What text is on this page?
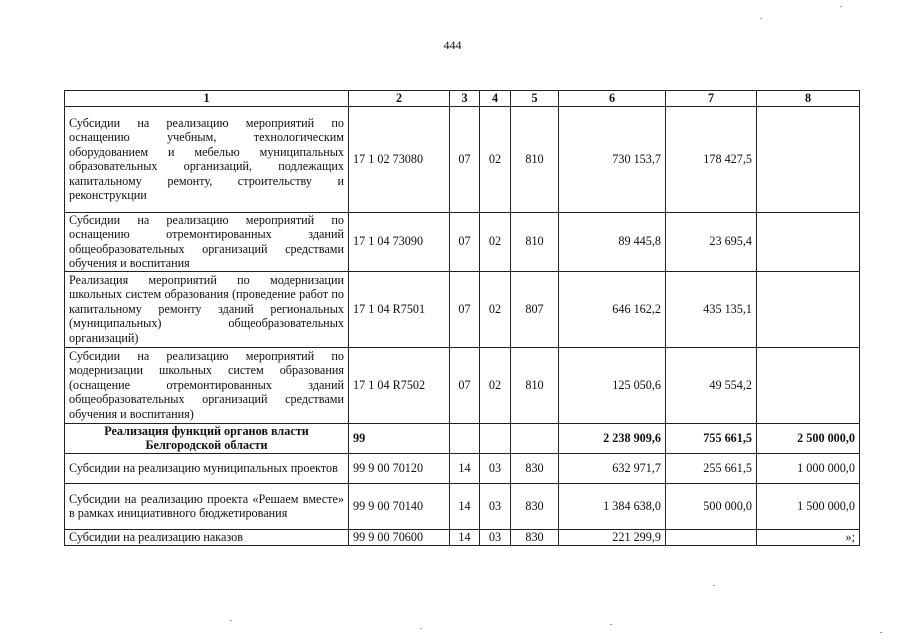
444
1	2	3	4	5	6	7	8
Субсидии на реализацию мероприятий по оснащению учебным, технологическим оборудованием и мебелью муниципальных образовательных организаций, подлежащих капитальному ремонту, строительству и реконструкции	17 1 02 73080	07	02	810	730 153,7	178 427,5	
Субсидии на реализацию мероприятий по оснащению отремонтированных зданий общеобразовательных организаций средствами обучения и воспитания	17 1 04 73090	07	02	810	89 445,8	23 695,4	
Реализация мероприятий по модернизации школьных систем образования (проведение работ по капитальному ремонту зданий региональных (муниципальных) общеобразовательных организаций)	17 1 04 R7501	07	02	807	646 162,2	435 135,1	
Субсидии на реализацию мероприятий по модернизации школьных систем образования (оснащение отремонтированных зданий общеобразовательных организаций средствами обучения и воспитания)	17 1 04 R7502	07	02	810	125 050,6	49 554,2	
Реализация функций органов власти Белгородской области	99				2 238 909,6	755 661,5	2 500 000,0
Субсидии на реализацию муниципальных проектов	99 9 00 70120	14	03	830	632 971,7	255 661,5	1 000 000,0
Субсидии на реализацию проекта «Решаем вместе» в рамках инициативного бюджетирования	99 9 00 70140	14	03	830	1 384 638,0	500 000,0	1 500 000,0
Субсидии на реализацию наказов	99 9 00 70600	14	03	830	221 299,9		»;
